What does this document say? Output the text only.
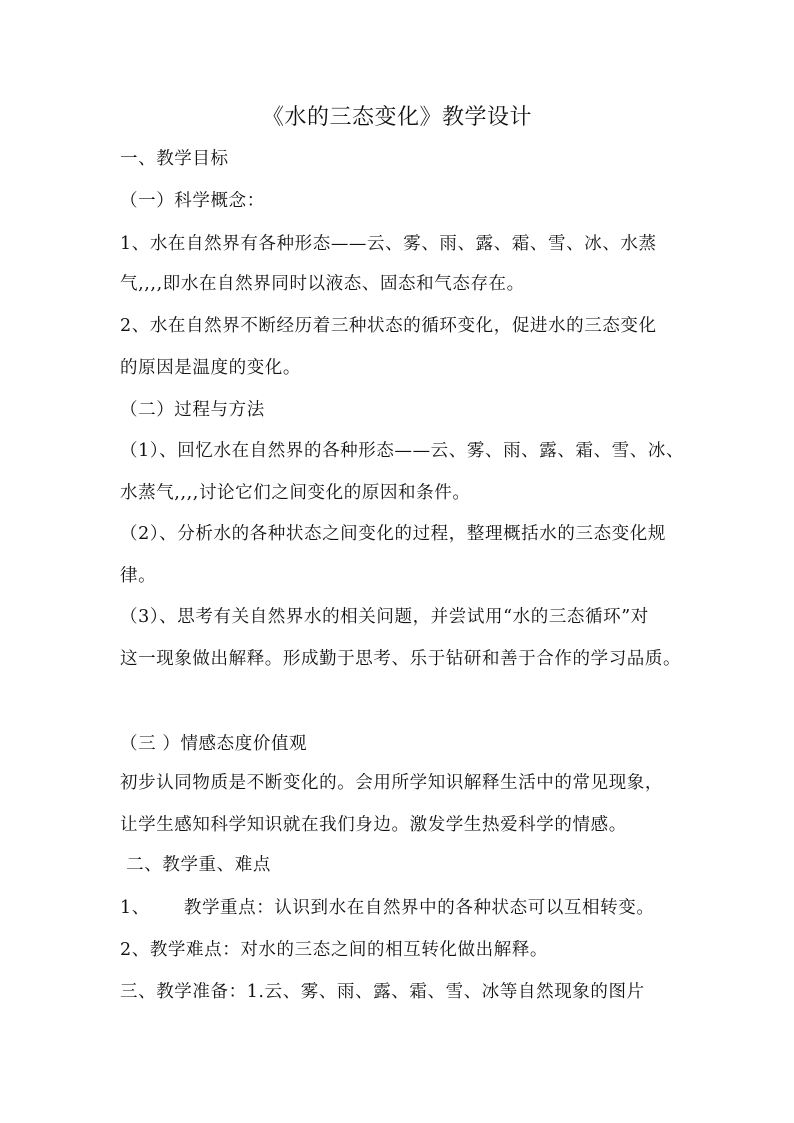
《水的三态变化》教学设计
一、教学目标
（一）科学概念：
1、水在自然界有各种形态——云、雾、雨、露、霜、雪、冰、水蒸
气,,,,即水在自然界同时以液态、固态和气态存在。
2、水在自然界不断经历着三种状态的循环变化，促进水的三态变化
的原因是温度的变化。
（二）过程与方法
（1）、回忆水在自然界的各种形态——云、雾、雨、露、霜、雪、冰、
水蒸气,,,,讨论它们之间变化的原因和条件。
（2）、分析水的各种状态之间变化的过程，整理概括水的三态变化规
律。
（3）、思考有关自然界水的相关问题，并尝试用“水的三态循环”对
这一现象做出解释。形成勤于思考、乐于钻研和善于合作的学习品质。
（三 ）情感态度价值观
初步认同物质是不断变化的。会用所学知识解释生活中的常见现象，
让学生感知科学知识就在我们身边。激发学生热爱科学的情感。
二、教学重、难点
1、 教学重点：认识到水在自然界中的各种状态可以互相转变。
2、教学难点：对水的三态之间的相互转化做出解释。
三、教学准备：1.云、雾、雨、露、霜、雪、冰等自然现象的图片
